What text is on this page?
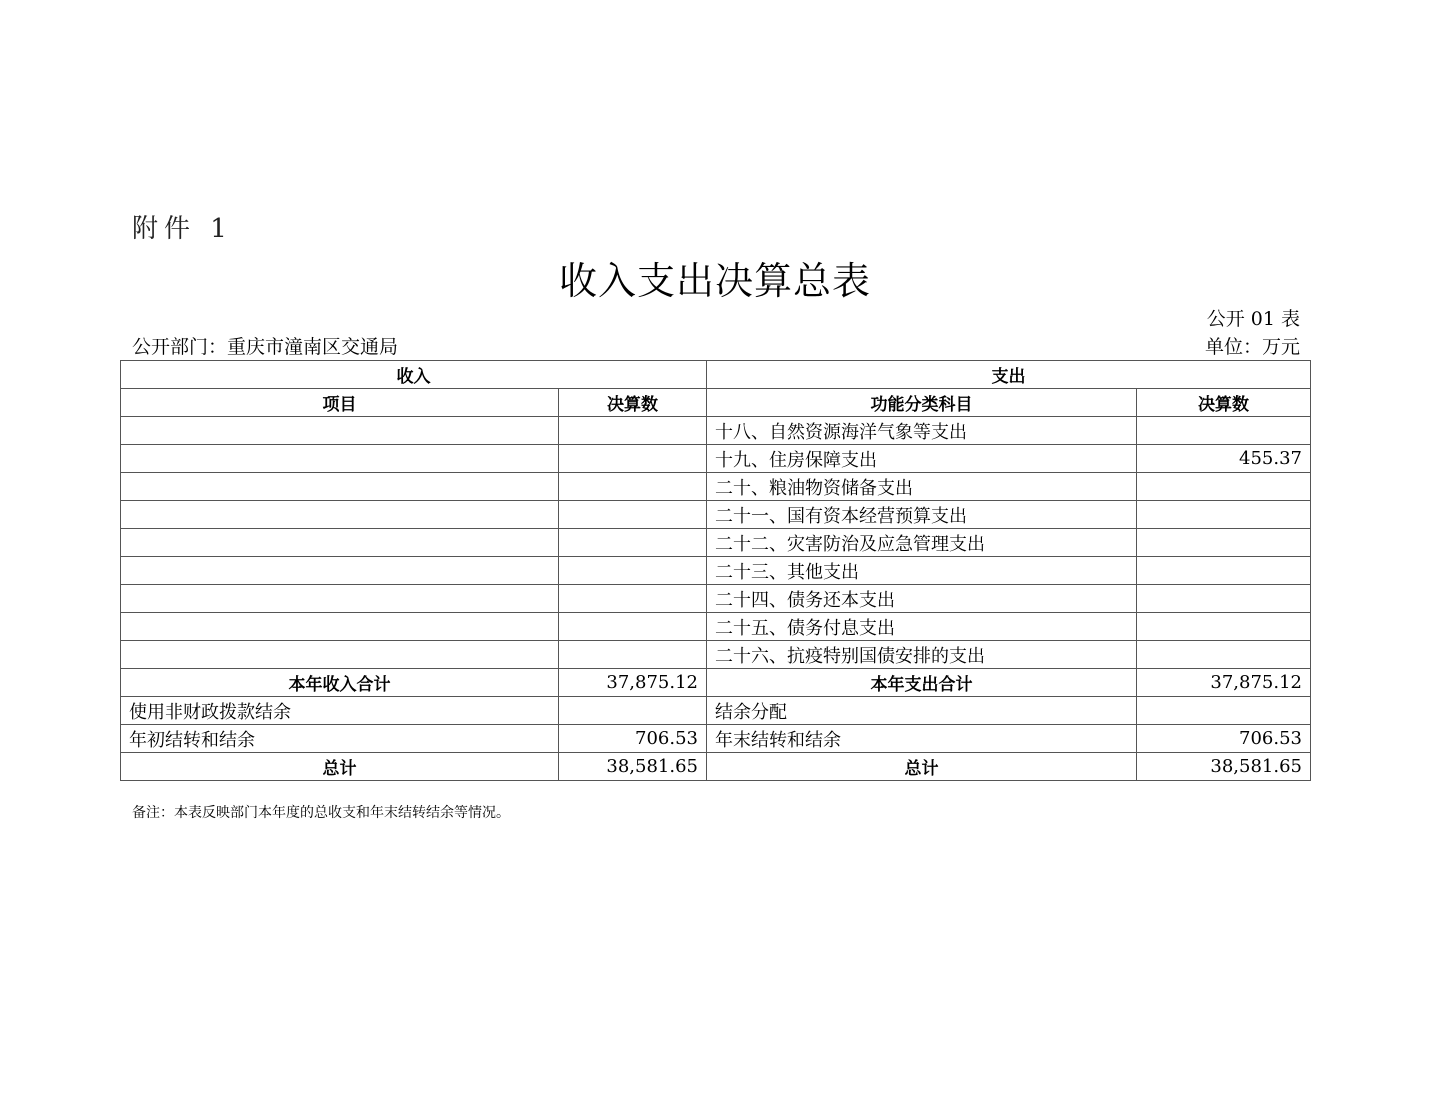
附件 1
收入支出决算总表
公开 01 表
公开部门：重庆市潼南区交通局	单位：万元
收入		支出	
项目	决算数	功能分类科目	决算数
		十八、自然资源海洋气象等支出	
		十九、住房保障支出	455.37
		二十、粮油物资储备支出	
		二十一、国有资本经营预算支出	
		二十二、灾害防治及应急管理支出	
		二十三、其他支出	
		二十四、债务还本支出	
		二十五、债务付息支出	
		二十六、抗疫特别国债安排的支出	
本年收入合计	37,875.12	本年支出合计	37,875.12
使用非财政拨款结余		结余分配	
年初结转和结余	706.53	年末结转和结余	706.53
总计	38,581.65	总计	38,581.65
备注：本表反映部门本年度的总收支和年末结转结余等情况。
